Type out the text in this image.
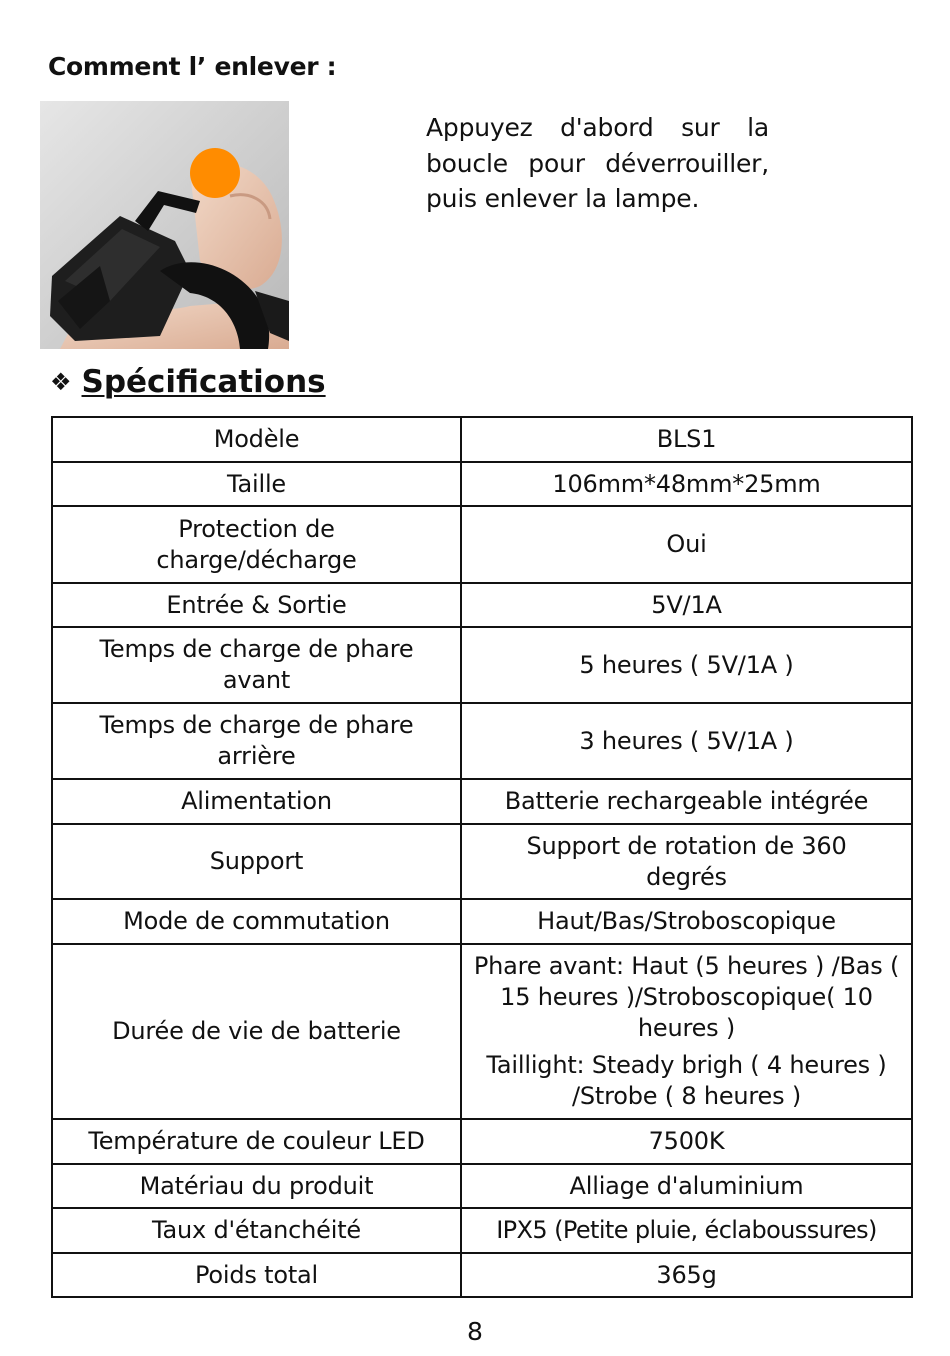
Comment l’ enlever :
Appuyez d'abord sur la boucle pour déverrouiller, puis enlever la lampe.
❖ Spécifications
Modèle	BLS1
Taille	106mm*48mm*25mm
Protection de charge/décharge	Oui
Entrée & Sortie	5V/1A
Temps de charge de phare avant	5 heures ( 5V/1A )
Temps de charge de phare arrière	3 heures ( 5V/1A )
Alimentation	Batterie rechargeable intégrée
Support	Support de rotation de 360 degrés
Mode de commutation	Haut/Bas/Stroboscopique
Durée de vie de batterie	Phare avant: Haut (5 heures ) /Bas ( 15 heures )/Stroboscopique( 10 heures )
Taillight: Steady brigh ( 4 heures ) /Strobe ( 8 heures )

Température de couleur LED	7500K
Matériau du produit	Alliage d'aluminium
Taux d'étanchéité	IPX5 (Petite pluie, éclaboussures)
Poids total	365g
8
